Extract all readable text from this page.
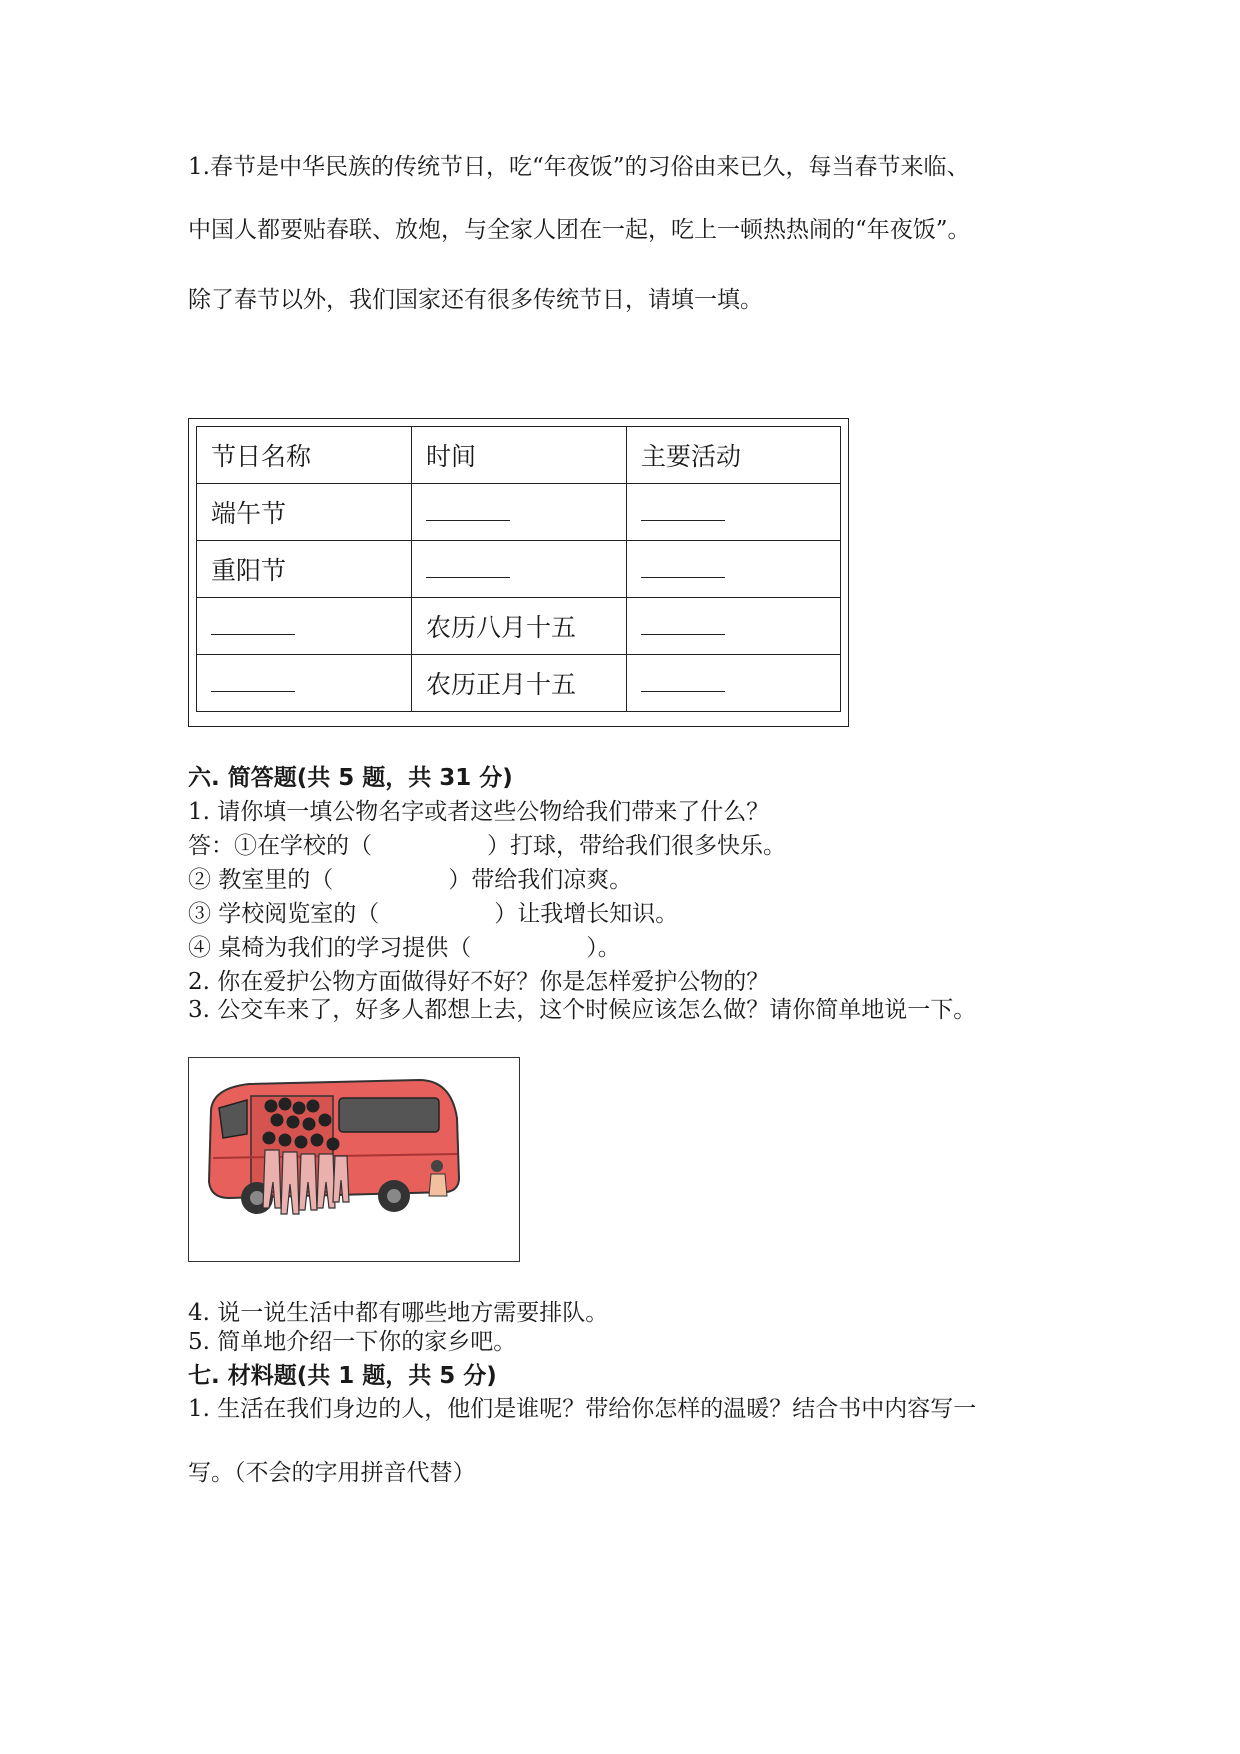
1.春节是中华民族的传统节日，吃“年夜饭”的习俗由来已久，每当春节来临、
中国人都要贴春联、放炮，与全家人团在一起，吃上一顿热热闹的“年夜饭”。
除了春节以外，我们国家还有很多传统节日，请填一填。
节日名称	时间	主要活动
端午节		
重阳节		
	农历八月十五	
	农历正月十五	
六. 简答题(共 5 题，共 31 分)
1. 请你填一填公物名字或者这些公物给我们带来了什么？
答：①在学校的（　　　　　）打球，带给我们很多快乐。
② 教室里的（　　　　　）带给我们凉爽。
③ 学校阅览室的（　　　　　）让我增长知识。
④ 桌椅为我们的学习提供（　　　　　）。
2. 你在爱护公物方面做得好不好？你是怎样爱护公物的？
3. 公交车来了，好多人都想上去，这个时候应该怎么做？请你简单地说一下。
4. 说一说生活中都有哪些地方需要排队。
5. 简单地介绍一下你的家乡吧。
七. 材料题(共 1 题，共 5 分)
1. 生活在我们身边的人，他们是谁呢？带给你怎样的温暖？结合书中内容写一
写。（不会的字用拼音代替）
